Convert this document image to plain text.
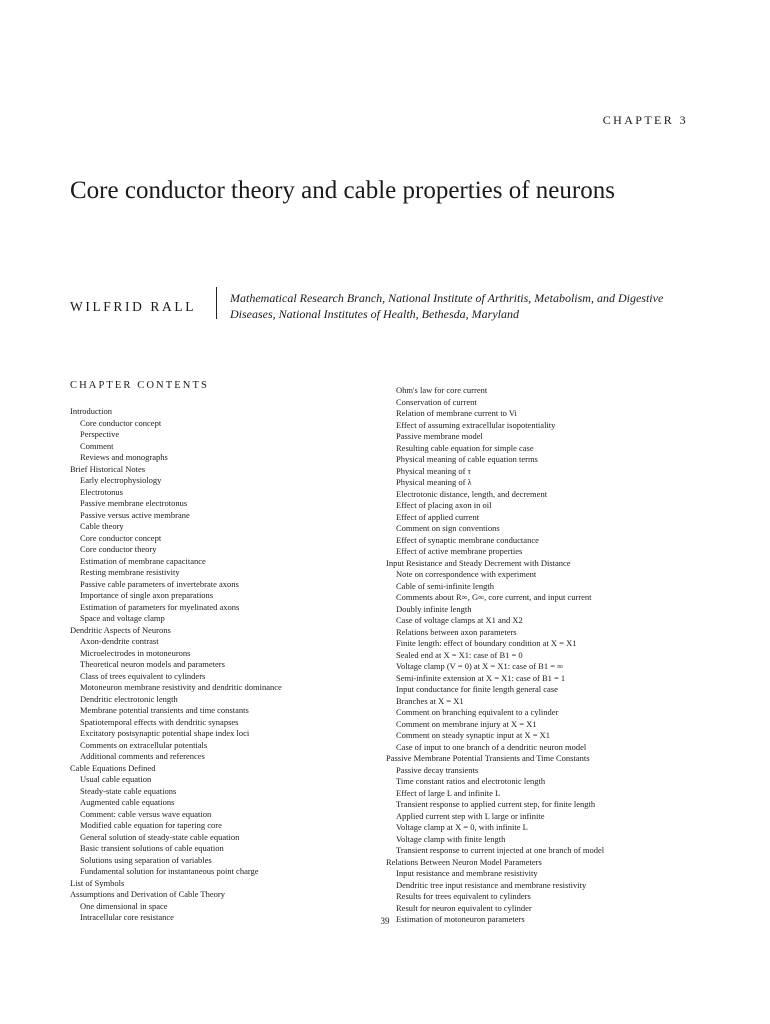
CHAPTER 3
Core conductor theory and cable properties of neurons
WILFRID RALL
Mathematical Research Branch, National Institute of Arthritis, Metabolism, and Digestive Diseases, National Institutes of Health, Bethesda, Maryland
CHAPTER CONTENTS
Introduction
Core conductor concept
Perspective
Comment
Reviews and monographs
Brief Historical Notes
Early electrophysiology
Electrotonus
Passive membrane electrotonus
Passive versus active membrane
Cable theory
Core conductor concept
Core conductor theory
Estimation of membrane capacitance
Resting membrane resistivity
Passive cable parameters of invertebrate axons
Importance of single axon preparations
Estimation of parameters for myelinated axons
Space and voltage clamp
Dendritic Aspects of Neurons
Axon-dendrite contrast
Microelectrodes in motoneurons
Theoretical neuron models and parameters
Class of trees equivalent to cylinders
Motoneuron membrane resistivity and dendritic dominance
Dendritic electrotonic length
Membrane potential transients and time constants
Spatiotemporal effects with dendritic synapses
Excitatory postsynaptic potential shape index loci
Comments on extracellular potentials
Additional comments and references
Cable Equations Defined
Usual cable equation
Steady-state cable equations
Augmented cable equations
Comment: cable versus wave equation
Modified cable equation for tapering core
General solution of steady-state cable equation
Basic transient solutions of cable equation
Solutions using separation of variables
Fundamental solution for instantaneous point charge
List of Symbols
Assumptions and Derivation of Cable Theory
One dimensional in space
Intracellular core resistance
Ohm's law for core current
Conservation of current
Relation of membrane current to Vi
Effect of assuming extracellular isopotentiality
Passive membrane model
Resulting cable equation for simple case
Physical meaning of cable equation terms
Physical meaning of τ
Physical meaning of λ
Electrotonic distance, length, and decrement
Effect of placing axon in oil
Effect of applied current
Comment on sign conventions
Effect of synaptic membrane conductance
Effect of active membrane properties
Input Resistance and Steady Decrement with Distance
Note on correspondence with experiment
Cable of semi-infinite length
Comments about R∞, G∞, core current, and input current
Doubly infinite length
Case of voltage clamps at X1 and X2
Relations between axon parameters
Finite length: effect of boundary condition at X = X1
Sealed end at X = X1: case of B1 = 0
Voltage clamp (V = 0) at X = X1: case of B1 = ∞
Semi-infinite extension at X = X1: case of B1 = 1
Input conductance for finite length general case
Branches at X = X1
Comment on branching equivalent to a cylinder
Comment on membrane injury at X = X1
Comment on steady synaptic input at X = X1
Case of input to one branch of a dendritic neuron model
Passive Membrane Potential Transients and Time Constants
Passive decay transients
Time constant ratios and electrotonic length
Effect of large L and infinite L
Transient response to applied current step, for finite length
Applied current step with L large or infinite
Voltage clamp at X = 0, with infinite L
Voltage clamp with finite length
Transient response to current injected at one branch of model
Relations Between Neuron Model Parameters
Input resistance and membrane resistivity
Dendritic tree input resistance and membrane resistivity
Results for trees equivalent to cylinders
Result for neuron equivalent to cylinder
Estimation of motoneuron parameters
39
